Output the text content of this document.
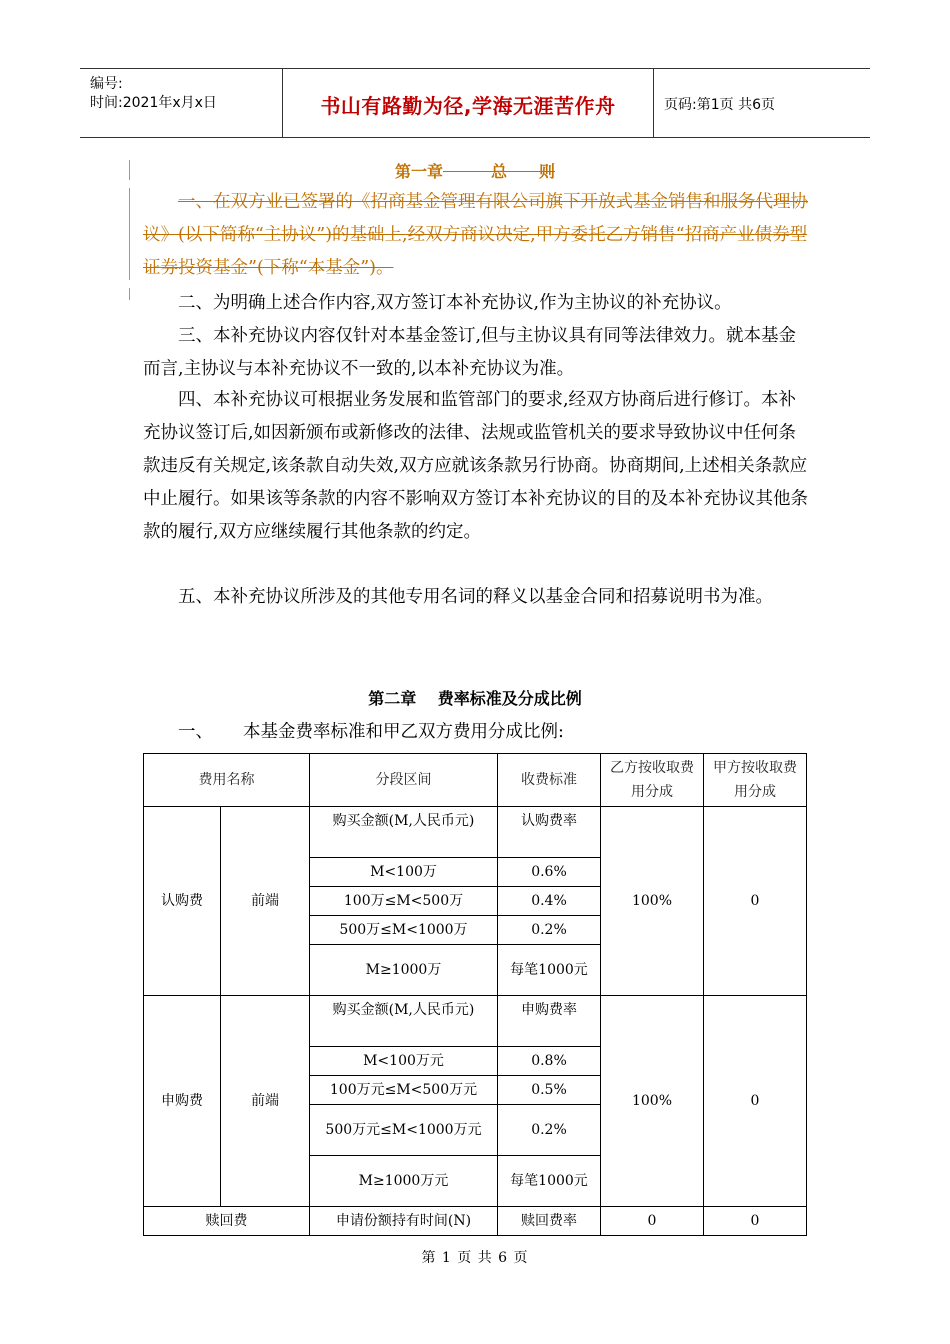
编号:
时间:2021年x月x日	书山有路勤为径,学海无涯苦作舟	页码:第1页 共6页
第一章　　　	总　　则
一、在双方业已签署的《招商基金管理有限公司旗下开放式基金销售和服务代理协议》(以下简称“主协议”)的基础上,经双方商议决定,甲方委托乙方销售“招商产业债券型证券投资基金”(下称“本基金”)。
二、为明确上述合作内容,双方签订本补充协议,作为主协议的补充协议。
三、本补充协议内容仅针对本基金签订,但与主协议具有同等法律效力。就本基金而言,主协议与本补充协议不一致的,以本补充协议为准。
四、本补充协议可根据业务发展和监管部门的要求,经双方协商后进行修订。本补充协议签订后,如因新颁布或新修改的法律、法规或监管机关的要求导致协议中任何条款违反有关规定,该条款自动失效,双方应就该条款另行协商。协商期间,上述相关条款应中止履行。如果该等条款的内容不影响双方签订本补充协议的目的及本补充协议其他条款的履行,双方应继续履行其他条款的约定。
五、本补充协议所涉及的其他专用名词的释义以基金合同和招募说明书为准。
第二章　 费率标准及分成比例
一、 本基金费率标准和甲乙双方费用分成比例:
费用名称		分段区间	收费标准	乙方按收取费用分成	甲方按收取费用分成
认购费	前端	购买金额(M,人民币元)	认购费率	100%	0
		M<100万	0.6%		
		100万≤M<500万	0.4%		
		500万≤M<1000万	0.2%		
		M≥1000万	每笔1000元		
申购费	前端	购买金额(M,人民币元)	申购费率	100%	0
		M<100万元	0.8%		
		100万元≤M<500万元	0.5%		
		500万元≤M<1000万元	0.2%		
		M≥1000万元	每笔1000元		
赎回费		申请份额持有时间(N)	赎回费率	0	0
第 1 页 共 6 页
